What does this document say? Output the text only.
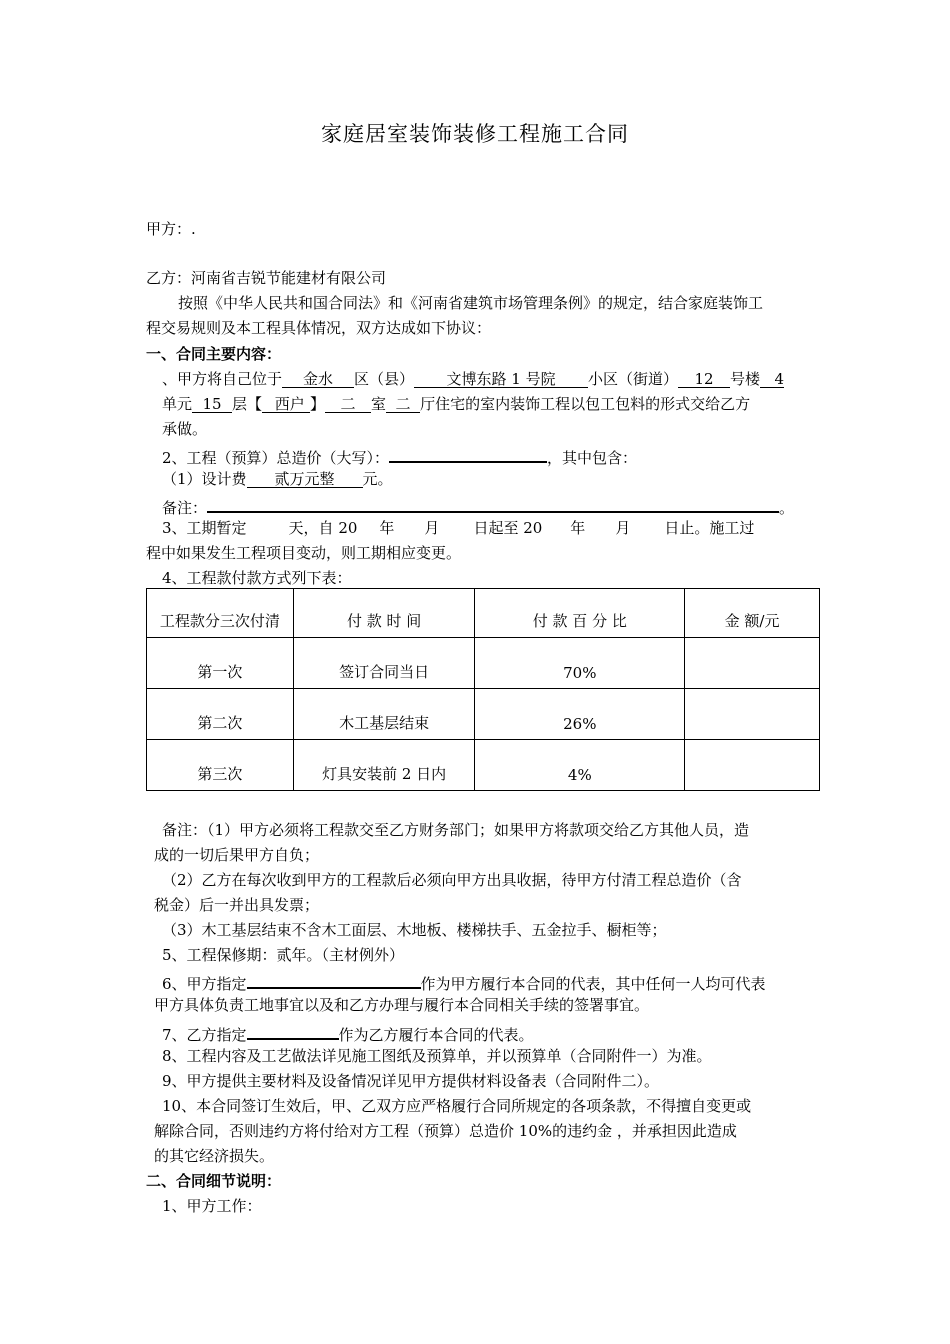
家庭居室装饰装修工程施工合同
甲方：.
乙方：河南省吉锐节能建材有限公司
按照《中华人民共和国合同法》和《河南省建筑市场管理条例》的规定，结合家庭装饰工
程交易规则及本工程具体情况，双方达成如下协议：
一、合同主要内容：
、甲方将自己位于 金水 区（县） 文博东路 1 号院 小区（街道） 12 号楼 4
单元 15 层【 _西户 】 二 室 二 厅住宅的室内装饰工程以包工包料的形式交给乙方
承做。
2、工程（预算）总造价（大写）：	，其中包含：
（1）设计费 贰万元整 元。
备注：	。
3、工期暂定	天，自 20 年 月 日起至 20 年 月 日止。施工过
程中如果发生工程项目变动，则工期相应变更。
4、工程款付款方式列下表：
工程款分三次付清	付 款 时 间	付 款 百 分 比	金 额/元
第一次	签订合同当日	70%	
第二次	木工基层结束	26%	
第三次	灯具安装前 2 日内	4%	
备注：（1）甲方必须将工程款交至乙方财务部门；如果甲方将款项交给乙方其他人员，造
成的一切后果甲方自负；
（2）乙方在每次收到甲方的工程款后必须向甲方出具收据，待甲方付清工程总造价（含
税金）后一并出具发票；
（3）木工基层结束不含木工面层、木地板、楼梯扶手、五金拉手、橱柜等；
5、工程保修期：贰年。（主材例外）
6、甲方指定	作为甲方履行本合同的代表，其中任何一人均可代表
甲方具体负责工地事宜以及和乙方办理与履行本合同相关手续的签署事宜。
7、乙方指定	作为乙方履行本合同的代表。
8、工程内容及工艺做法详见施工图纸及预算单，并以预算单（合同附件一）为准。
9、甲方提供主要材料及设备情况详见甲方提供材料设备表（合同附件二）。
10、本合同签订生效后，甲、乙双方应严格履行合同所规定的各项条款，不得擅自变更或
解除合同，否则违约方将付给对方工程（预算）总造价 10%的违约金 ，并承担因此造成
的其它经济损失。
二、合同细节说明：
1、甲方工作：
